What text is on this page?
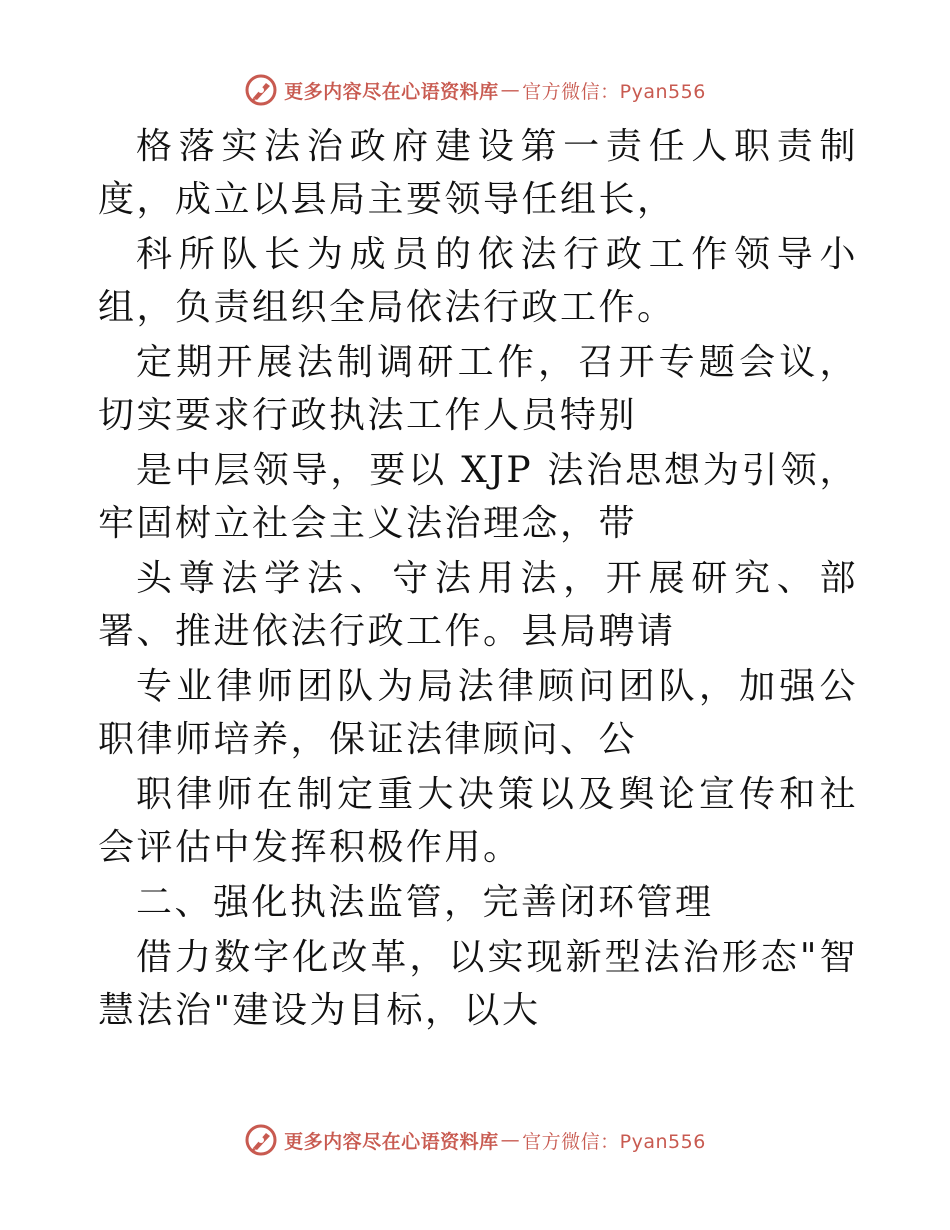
更多内容尽在心语资料库 — 官方微信：Pyan556

格落实法治政府建设第一责任人职责制度，成立以县局主要领导任组长，

科所队长为成员的依法行政工作领导小组，负责组织全局依法行政工作。

定期开展法制调研工作，召开专题会议，切实要求行政执法工作人员特别

是中层领导，要以 XJP 法治思想为引领，牢固树立社会主义法治理念，带

头尊法学法、守法用法，开展研究、部署、推进依法行政工作。县局聘请

专业律师团队为局法律顾问团队，加强公职律师培养，保证法律顾问、公

职律师在制定重大决策以及舆论宣传和社会评估中发挥积极作用。

二、强化执法监管，完善闭环管理

借力数字化改革，以实现新型法治形态"智慧法治"建设为目标，以大

更多内容尽在心语资料库 — 官方微信：Pyan556
